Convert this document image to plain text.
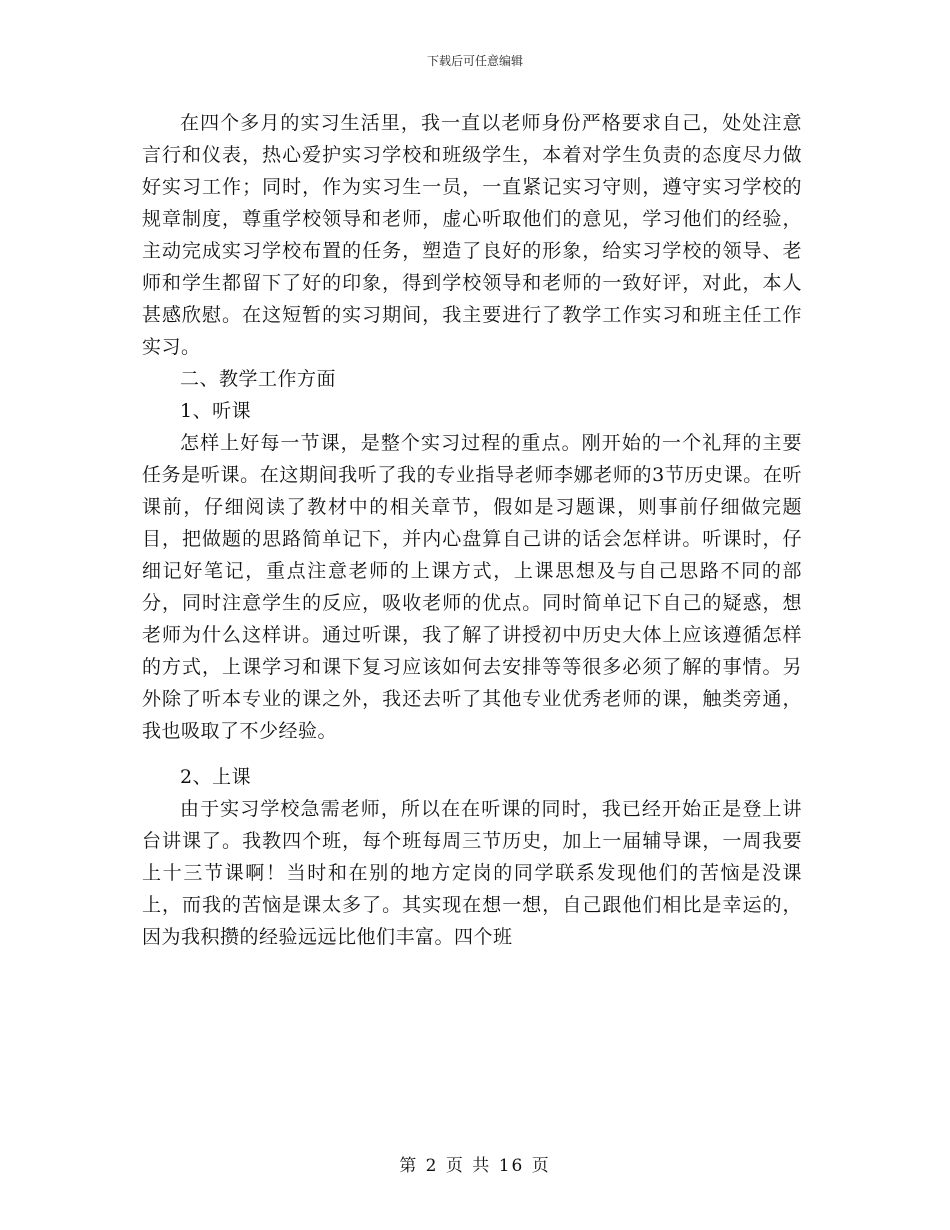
下载后可任意编辑

在四个多月的实习生活里，我一直以老师身份严格要求自己，处处注意言行和仪表，热心爱护实习学校和班级学生，本着对学生负责的态度尽力做好实习工作；同时，作为实习生一员，一直紧记实习守则，遵守实习学校的规章制度，尊重学校领导和老师，虚心听取他们的意见，学习他们的经验，主动完成实习学校布置的任务，塑造了良好的形象，给实习学校的领导、老师和学生都留下了好的印象，得到学校领导和老师的一致好评，对此，本人甚感欣慰。在这短暂的实习期间，我主要进行了教学工作实习和班主任工作实习。

二、教学工作方面

1、听课

怎样上好每一节课，是整个实习过程的重点。刚开始的一个礼拜的主要任务是听课。在这期间我听了我的专业指导老师李娜老师的3节历史课。在听课前，仔细阅读了教材中的相关章节，假如是习题课，则事前仔细做完题目，把做题的思路简单记下，并内心盘算自己讲的话会怎样讲。听课时，仔细记好笔记，重点注意老师的上课方式，上课思想及与自己思路不同的部分，同时注意学生的反应，吸收老师的优点。同时简单记下自己的疑惑，想老师为什么这样讲。通过听课，我了解了讲授初中历史大体上应该遵循怎样的方式，上课学习和课下复习应该如何去安排等等很多必须了解的事情。另外除了听本专业的课之外，我还去听了其他专业优秀老师的课，触类旁通，我也吸取了不少经验。

2、上课

由于实习学校急需老师，所以在在听课的同时，我已经开始正是登上讲台讲课了。我教四个班，每个班每周三节历史，加上一届辅导课，一周我要上十三节课啊！当时和在别的地方定岗的同学联系发现他们的苦恼是没课上，而我的苦恼是课太多了。其实现在想一想，自己跟他们相比是幸运的，因为我积攒的经验远远比他们丰富。四个班

第 2 页 共 16 页
